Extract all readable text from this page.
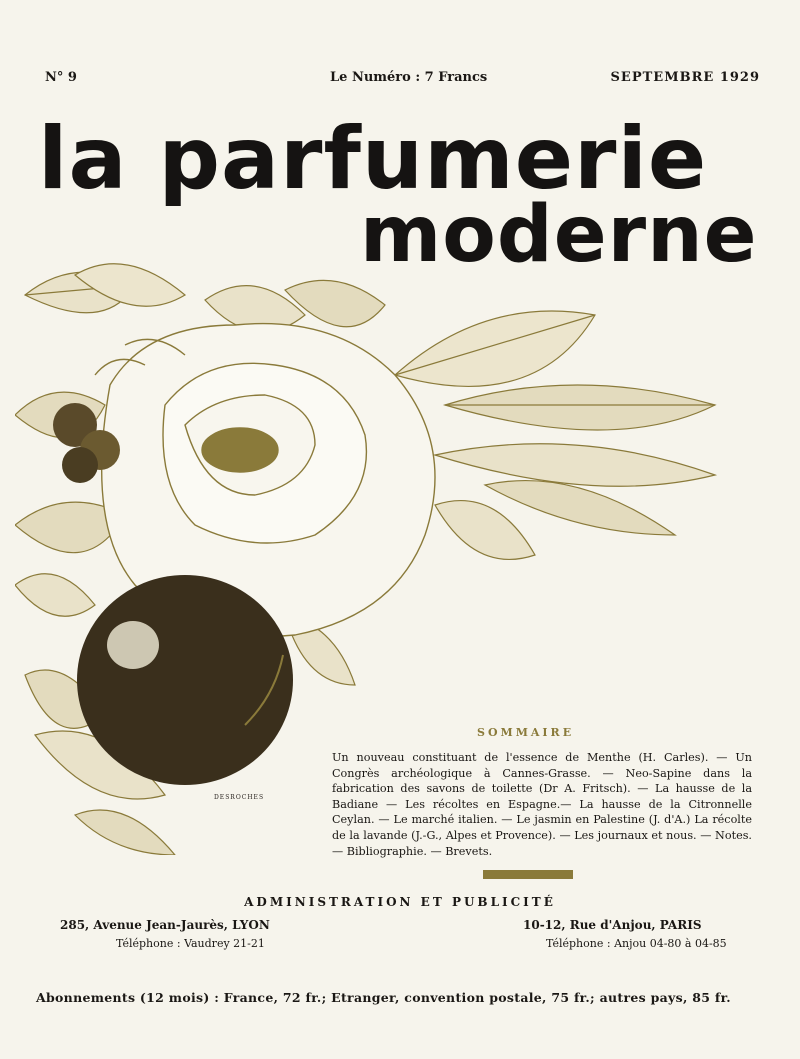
N° 9	Le Numéro : 7 Francs	SEPTEMBRE 1929
la parfumerie
moderne
DESROCHES
SOMMAIRE
Un nouveau constituant de l'essence de Menthe (H. Carles). — Un Congrès archéologique à Cannes-Grasse. — Neo-Sapine dans la fabrication des savons de toilette (Dr A. Fritsch). — La hausse de la Badiane — Les récoltes en Espagne.— La hausse de la Citronnelle Ceylan. — Le marché italien. — Le jasmin en Palestine (J. d'A.) La récolte de la lavande (J.-G., Alpes et Provence). — Les journaux et nous. — Notes. — Bibliographie. — Brevets.
ADMINISTRATION ET PUBLICITÉ
285, Avenue Jean-Jaurès, LYON	10-12, Rue d'Anjou, PARIS
Téléphone : Vaudrey 21-21	Téléphone : Anjou 04-80 à 04-85
Abonnements (12 mois) : France, 72 fr.; Etranger, convention postale, 75 fr.; autres pays, 85 fr.
